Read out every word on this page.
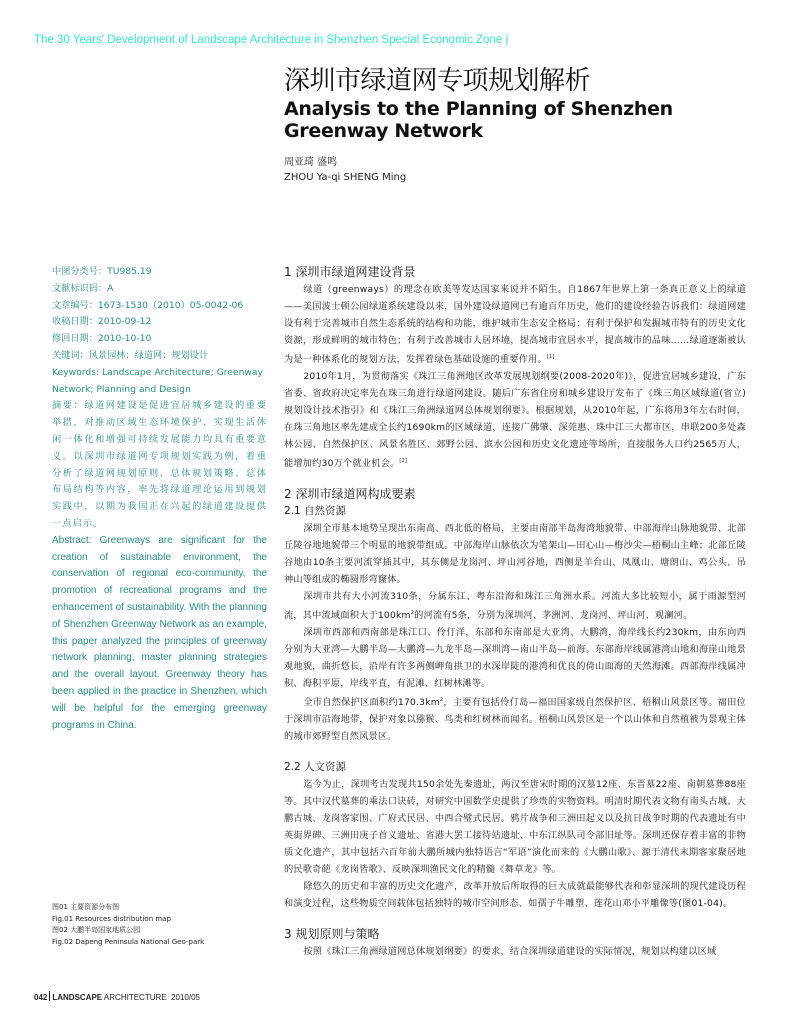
The 30 Years' Development of Landscape Architecture in Shenzhen Special Economic Zone |
深圳市绿道网专项规划解析
Analysis to the Planning of Shenzhen Greenway Network
周亚琦 盛鸣
ZHOU Ya-qi SHENG Ming
中图分类号：TU985.19
文献标识码：A
文章编号：1673-1530（2010）05-0042-06
收稿日期：2010-09-12
修回日期：2010-10-10
关键词：风景园林；绿道网；规划设计
Keywords: Landscape Architecture; Greenway Network; Planning and Design
摘要：绿道网建设是促进宜居城乡建设的重要举措，对推动区域生态环境保护、实现生活休闲一体化和增强可持续发展能力均具有重要意义。以深圳市绿道网专项规划实践为例，着重分析了绿道网规划原则、总体规划策略、总体布局结构等内容，率先将绿道理论运用到规划实践中，以期为我国正在兴起的绿道建设提供一点启示。
Abstract: Greenways are significant for the creation of sustainable environment, the conservation of regional eco-community, the promotion of recreational programs and the enhancement of sustainability. With the planning of Shenzhen Greenway Network as an example, this paper analyzed the principles of greenway network planning, master planning strategies and the overall layout. Greenway theory has been applied in the practice in Shenzhen, which will be helpful for the emerging greenway programs in China.
1 深圳市绿道网建设背景

绿道（greenways）的理念在欧美等发达国家来说并不陌生。自1867年世界上第一条真正意义上的绿道——美国波士顿公园绿道系统建设以来，国外建设绿道网已有逾百年历史，他们的建设经验告诉我们：绿道网建设有利于完善城市自然生态系统的结构和功能，维护城市生态安全格局；有利于保护和发掘城市特有的历史文化资源，形成鲜明的城市特色；有利于改善城市人居环境，提高城市宜居水平，提高城市的品味……绿道逐渐被认为是一种体系化的规划方法，发挥着绿色基础设施的重要作用。[1]

2010年1月，为贯彻落实《珠江三角洲地区改革发展规划纲要(2008-2020年)》，促进宜居城乡建设，广东省委、省政府决定率先在珠三角进行绿道网建设。随后广东省住房和城乡建设厅发布了《珠三角区域绿道(省立)规划设计技术指引》和《珠江三角洲绿道网总体规划纲要》。根据规划，从2010年起，广东将用3年左右时间，在珠三角地区率先建成全长约1690km的区域绿道，连接广佛肇、深莞惠、珠中江三大都市区，串联200多处森林公园、自然保护区、风景名胜区、郊野公园、滨水公园和历史文化遗迹等场所，直接服务人口约2565万人，能增加约30万个就业机会。[2]

2 深圳市绿道网构成要素
2.1 自然资源

深圳全市基本地势呈现出东南高、西北低的格局，主要由南部半岛海湾地貌带、中部海岸山脉地貌带、北部丘陵谷地地貌带三个明显的地貌带组成。中部海岸山脉依次为笔架山—田心山—梅沙尖—梧桐山主峰；北部丘陵谷地由10条主要河流穿插其中，其东侧是龙岗河、坪山河谷地，西侧是羊台山、凤凰山、塘朗山、鸡公头、吊神山等组成的椭圆形弯窿体。

深圳市共有大小河流310条，分属东江、粤东沿海和珠江三角洲水系。河流大多比较短小，属于雨源型河流，其中流域面积大于$100km^2$的河流有5条，分别为深圳河、茅洲河、龙岗河、坪山河、观澜河。

深圳市西部和西南部是珠江口、伶仃洋，东部和东南部是大亚湾、大鹏湾，海岸线长约230km，由东向西分别为大亚湾—大鹏半岛—大鹏湾—九龙半岛—深圳湾—南山半岛—前海。东部海岸线属港湾山地和海崖山地景观地貌，曲折悠长，沿岸有许多两侧岬角拱卫的水深岸陡的港湾和优良的倚山面海的天然海滩。西部海岸线属冲积、海积平原，岸线平直，有泥滩、红树林滩等。

全市自然保护区面积约$170.3km^2$，主要有包括伶仃岛—福田国家级自然保护区、梧桐山风景区等。福田位于深圳市沿海地带，保护对象以猕猴、鸟类和红树林而闻名。梧桐山风景区是一个以山体和自然植被为景观主体的城市郊野型自然风景区。

2.2 人文资源

迄今为止，深圳考古发现共150余处先秦遗址，两汉至唐宋时期的汉墓12座、东晋墓22座、南朝墓葬88座等。其中汉代墓葬的乘法口诀砖，对研究中国数学史提供了珍贵的实物资料。明清时期代表文物有南头古城、大鹏古城、龙岗客家围、广府式民居、中西合璧式民居。鸦片战争和三洲田起义以及抗日战争时期的代表遗址有中英街界碑、三洲田庚子首义遗址、省港大罢工接待站遗址、中东江纵队司令部旧址等。深圳还保存着丰富的非物质文化遗产，其中包括六百年前大鹏所城内独特语言“军语”演化而来的《大鹏山歌》、源于清代末期客家聚居地的民歌奇葩《龙岗皆歌》、反映深圳渔民文化的精髓《舞草龙》等。

除悠久的历史和丰富的历史文化遗产，改革开放后所取得的巨大成就最能够代表和彰显深圳的现代建设历程和演变过程，这些物质空间载体包括独特的城市空间形态、如孺子牛雕塑、莲花山邓小平雕像等(图01-04)。

3 规划原则与策略

按照《珠江三角洲绿道网总体规划纲要》的要求，结合深圳绿道建设的实际情况，规划以构建以区域

图01 主要资源分布图
Fig.01 Resources distribution map
图02 大鹏半岛国家地质公园
Fig.02 Dapeng Peninsula National Geo-park
042 LANDSCAPE ARCHITECTURE 2010/05
